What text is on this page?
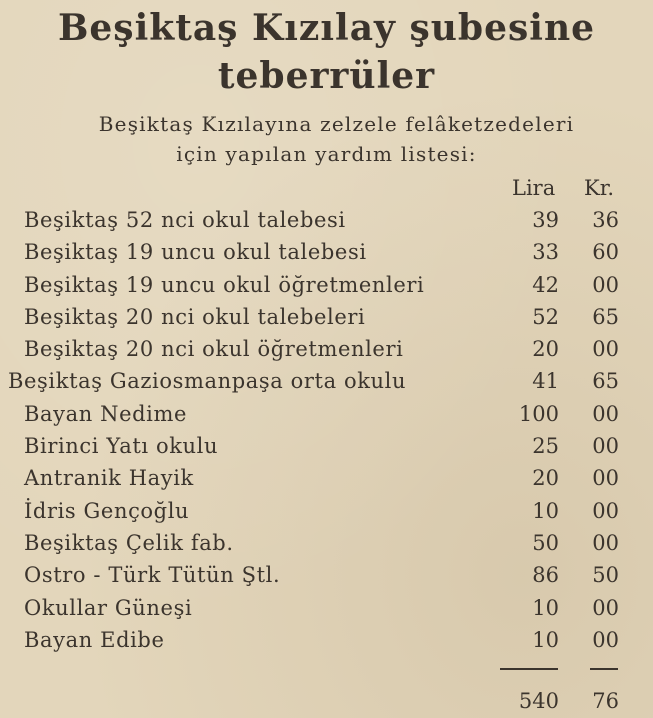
Beşiktaş Kızılay şubesine
teberrüler

Beşiktaş Kızılayına zelzele felâketzedeleri

için yapılan yardım listesi:

Lira Kr.
Beşiktaş 52 nci okul talebesi	39 36
Beşiktaş 19 uncu okul talebesi	33 60
Beşiktaş 19 uncu okul öğretmenleri	42 00
Beşiktaş 20 nci okul talebeleri	52 65
Beşiktaş 20 nci okul öğretmenleri	20 00
Beşiktaş Gaziosmanpaşa orta okulu	41 65
Bayan Nedime	100 00
Birinci Yatı okulu	25 00
Antranik Hayik	20 00
İdris Gençoğlu	10 00
Beşiktaş Çelik fab.	50 00
Ostro - Türk Tütün Ştl.	86 50
Okullar Güneşi	10 00
Bayan Edibe	10 00
540 76
